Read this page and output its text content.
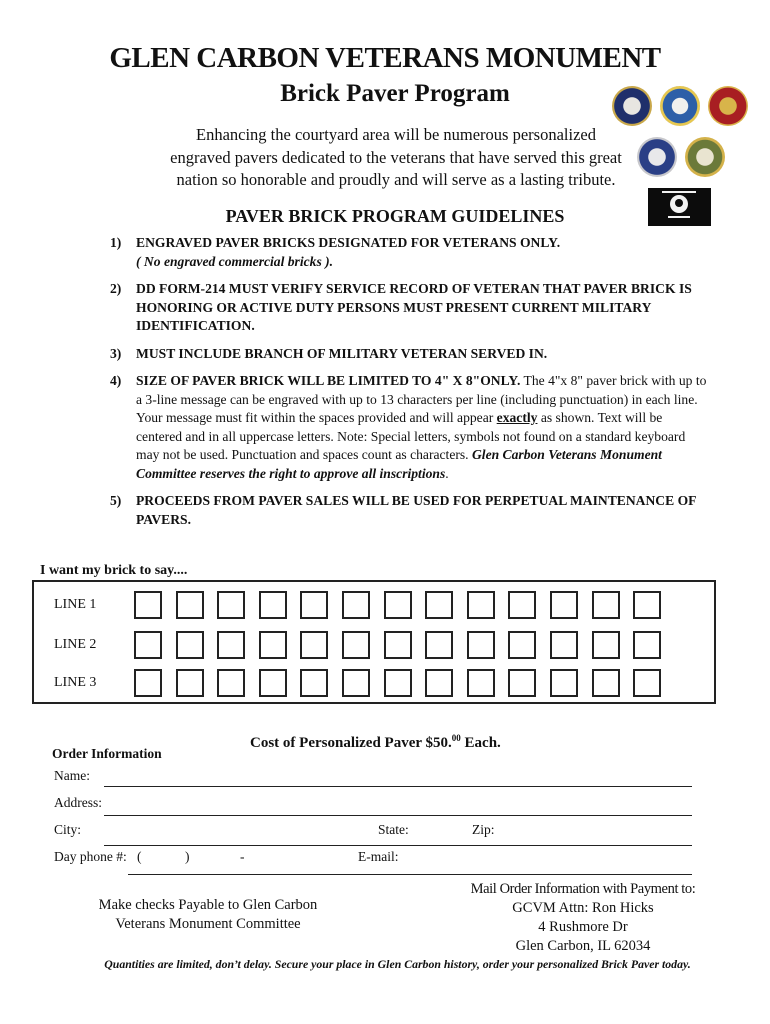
GLEN CARBON VETERANS MONUMENT
Brick Paver Program
Enhancing the courtyard area will be numerous personalized
engraved pavers dedicated to the veterans that have served this great
nation so honorable and proudly and will serve as a lasting tribute.
PAVER BRICK PROGRAM GUIDELINES
1)	ENGRAVED PAVER BRICKS DESIGNATED FOR VETERANS ONLY.
( No engraved commercial bricks ).
2)	DD FORM-214 MUST VERIFY SERVICE RECORD OF VETERAN THAT PAVER BRICK IS HONORING OR ACTIVE DUTY PERSONS MUST PRESENT CURRENT MILITARY IDENTIFICATION.
3)	MUST INCLUDE BRANCH OF MILITARY VETERAN SERVED IN.
4)	SIZE OF PAVER BRICK WILL BE LIMITED TO 4" X 8"ONLY. The 4"x 8" paver brick with up to a 3-line message can be engraved with up to 13 characters per line (including punctuation) in each line. Your message must fit within the spaces provided and will appear exactly as shown. Text will be centered and in all uppercase letters. Note: Special letters, symbols not found on a standard keyboard may not be used. Punctuation and spaces count as characters. Glen Carbon Veterans Monument Committee reserves the right to approve all inscriptions.
5)	PROCEEDS FROM PAVER SALES WILL BE USED FOR PERPETUAL MAINTENANCE OF PAVERS.
I want my brick to say....
LINE 1
LINE 2
LINE 3
Cost of Personalized Paver $50.00 Each.
Order Information
Name:
Address:
City:	State:	Zip:
Day phone #: (	)	-	E-mail:
Make checks Payable to Glen Carbon
Veterans Monument Committee
Mail Order Information with Payment to:
GCVM Attn: Ron Hicks
4 Rushmore Dr
Glen Carbon, IL 62034
Quantities are limited, don’t delay. Secure your place in Glen Carbon history, order your personalized Brick Paver today.
